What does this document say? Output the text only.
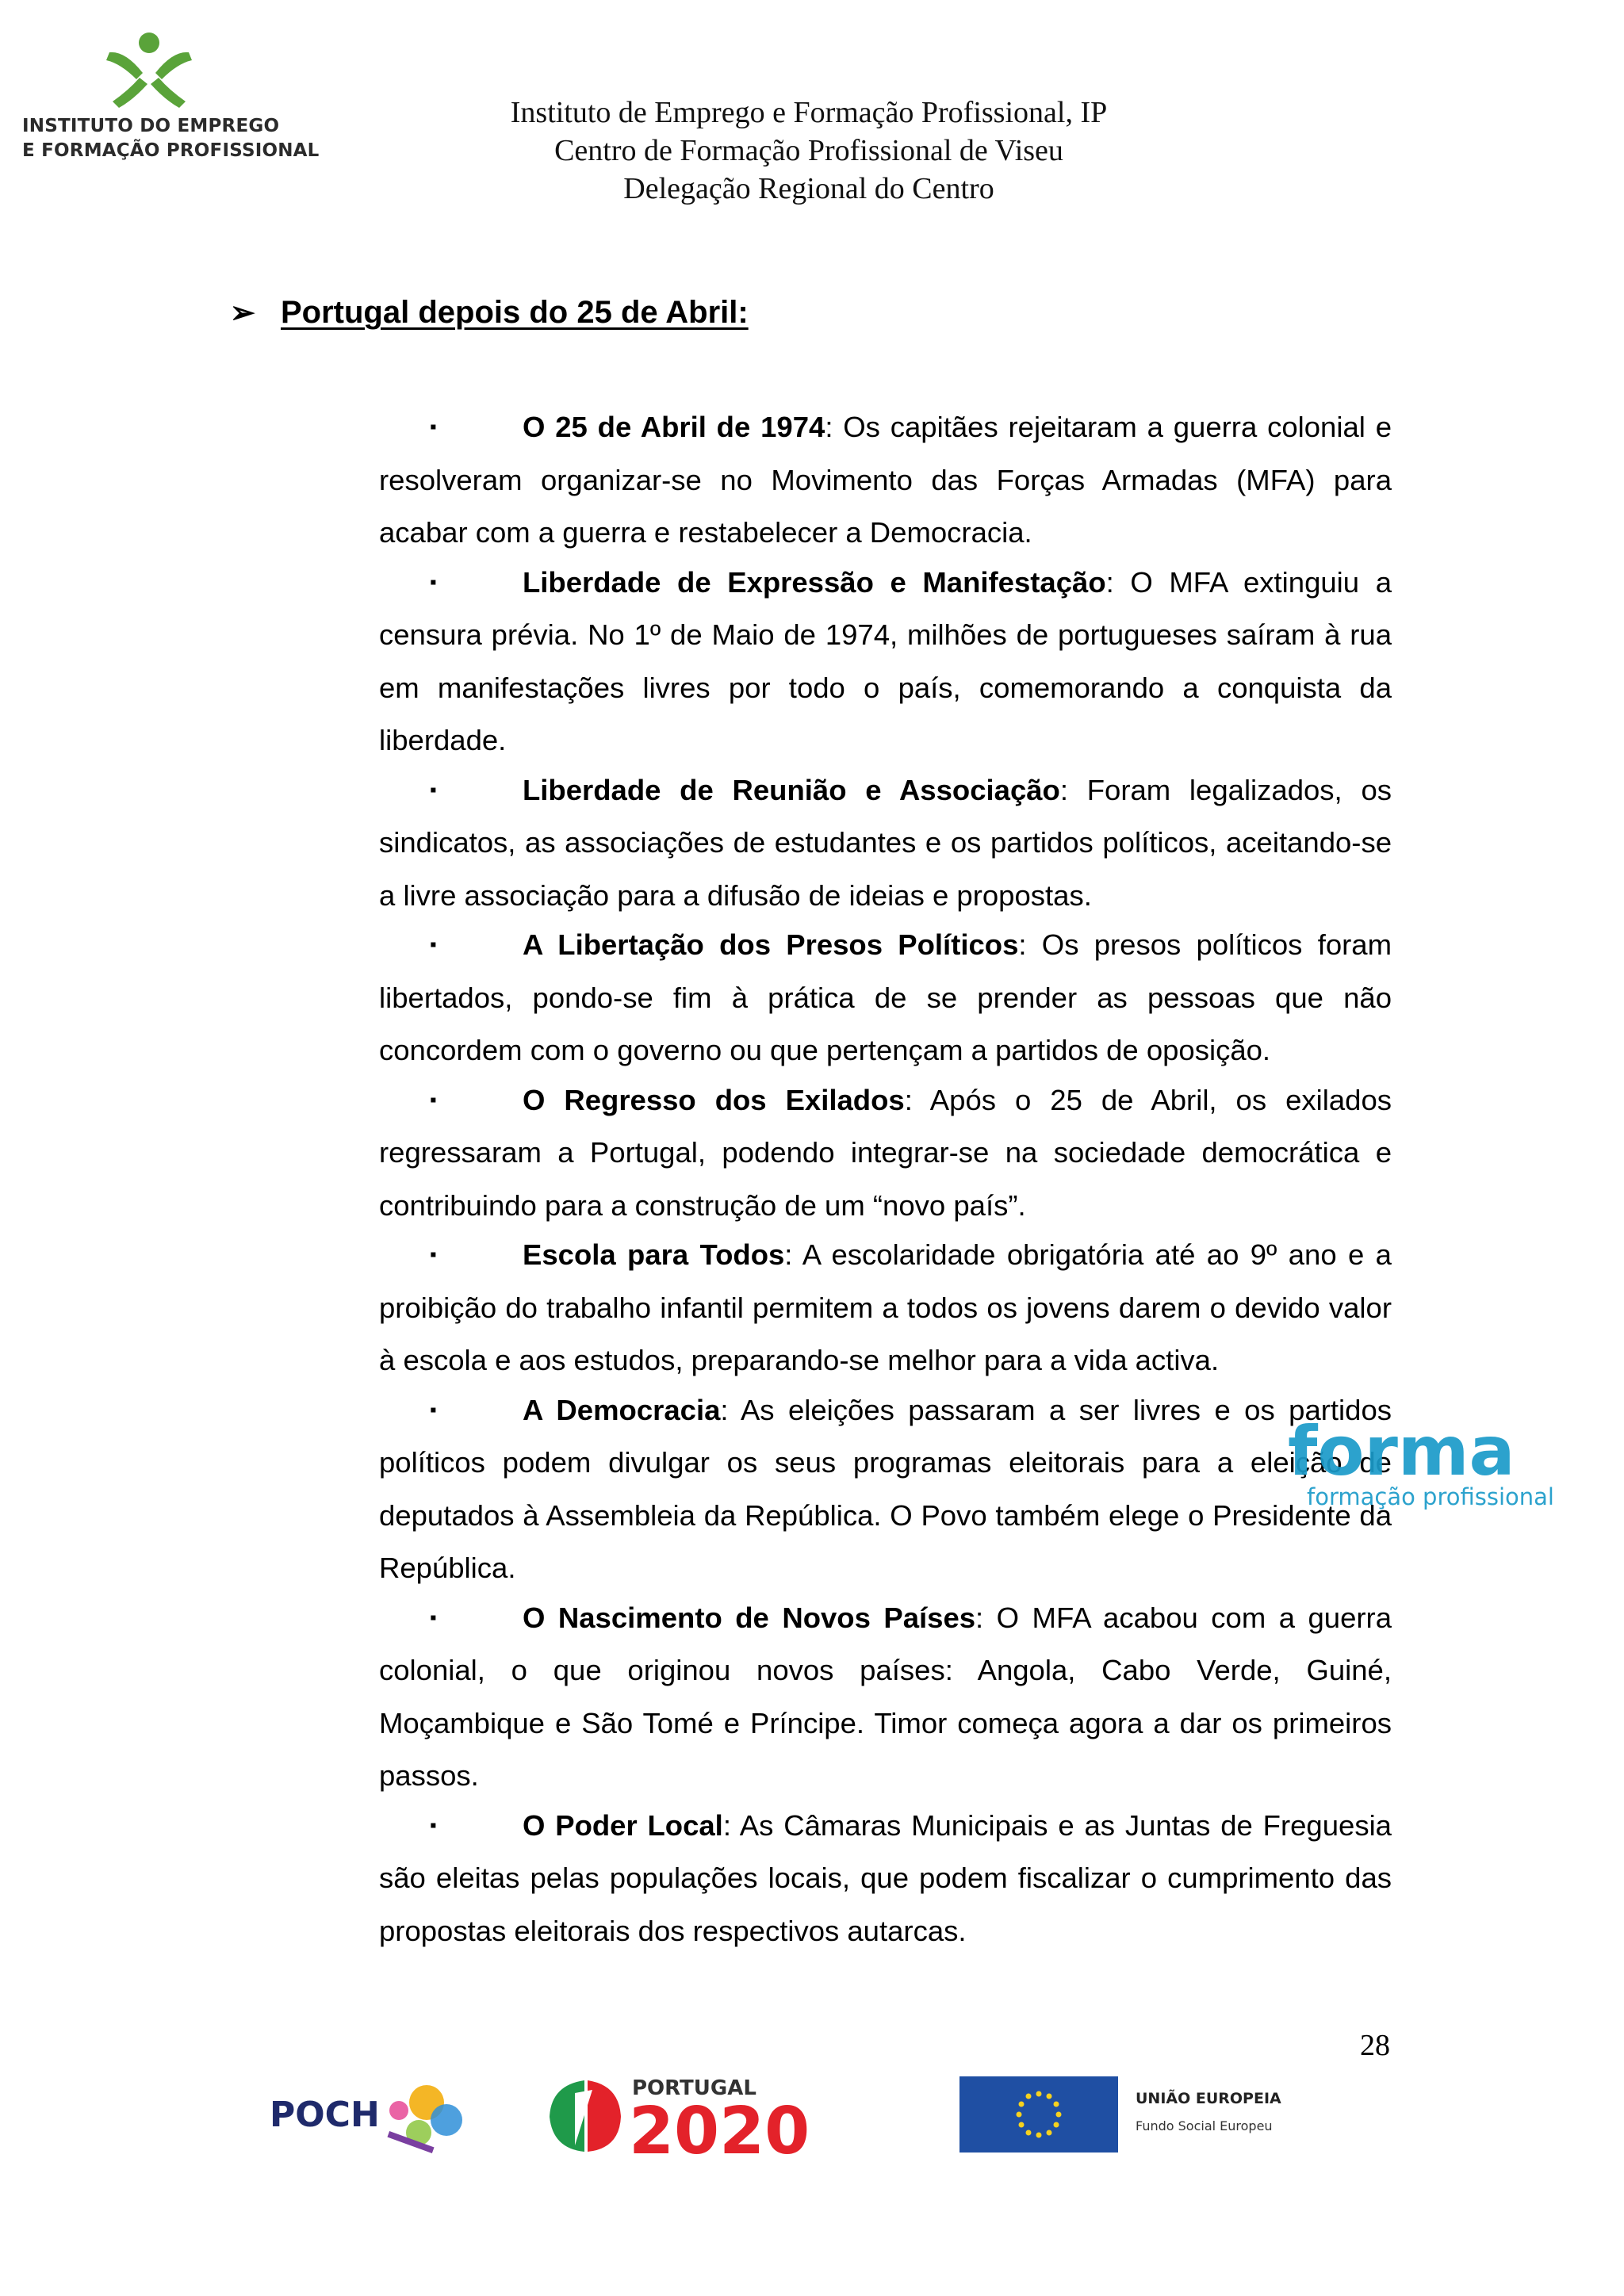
INSTITUTO DO EMPREGO
E FORMAÇÃO PROFISSIONAL
Instituto de Emprego e Formação Profissional, IP
Centro de Formação Profissional de Viseu
Delegação Regional do Centro
➢ Portugal depois do 25 de Abril:

▪	O 25 de Abril de 1974: Os capitães rejeitaram a guerra colonial e resolveram organizar-se no Movimento das Forças Armadas (MFA) para acabar com a guerra e restabelecer a Democracia.

▪	Liberdade de Expressão e Manifestação: O MFA extinguiu a censura prévia. No 1º de Maio de 1974, milhões de portugueses saíram à rua em manifestações livres por todo o país, comemorando a conquista da liberdade.

▪	Liberdade de Reunião e Associação: Foram legalizados, os sindicatos, as associações de estudantes e os partidos políticos, aceitando-se a livre associação para a difusão de ideias e propostas.

▪	A Libertação dos Presos Políticos: Os presos políticos foram libertados, pondo-se fim à prática de se prender as pessoas que não concordem com o governo ou que pertençam a partidos de oposição.

▪	O Regresso dos Exilados: Após o 25 de Abril, os exilados regressaram a Portugal, podendo integrar-se na sociedade democrática e contribuindo para a construção de um “novo país”.

▪	Escola para Todos: A escolaridade obrigatória até ao 9º ano e a proibição do trabalho infantil permitem a todos os jovens darem o devido valor à escola e aos estudos, preparando-se melhor para a vida activa.

▪	A Democracia: As eleições passaram a ser livres e os partidos políticos podem divulgar os seus programas eleitorais para a eleição de deputados à Assembleia da República. O Povo também elege o Presidente da República.

▪	O Nascimento de Novos Países: O MFA acabou com a guerra colonial, o que originou novos países: Angola, Cabo Verde, Guiné, Moçambique e São Tomé e Príncipe. Timor começa agora a dar os primeiros passos.

▪	O Poder Local: As Câmaras Municipais e as Juntas de Freguesia são eleitas pelas populações locais, que podem fiscalizar o cumprimento das propostas eleitorais dos respectivos autarcas.

forma
formação profissional
28
POCH
PORTUGAL
2020	UNIÃO EUROPEIA
Fundo Social Europeu
